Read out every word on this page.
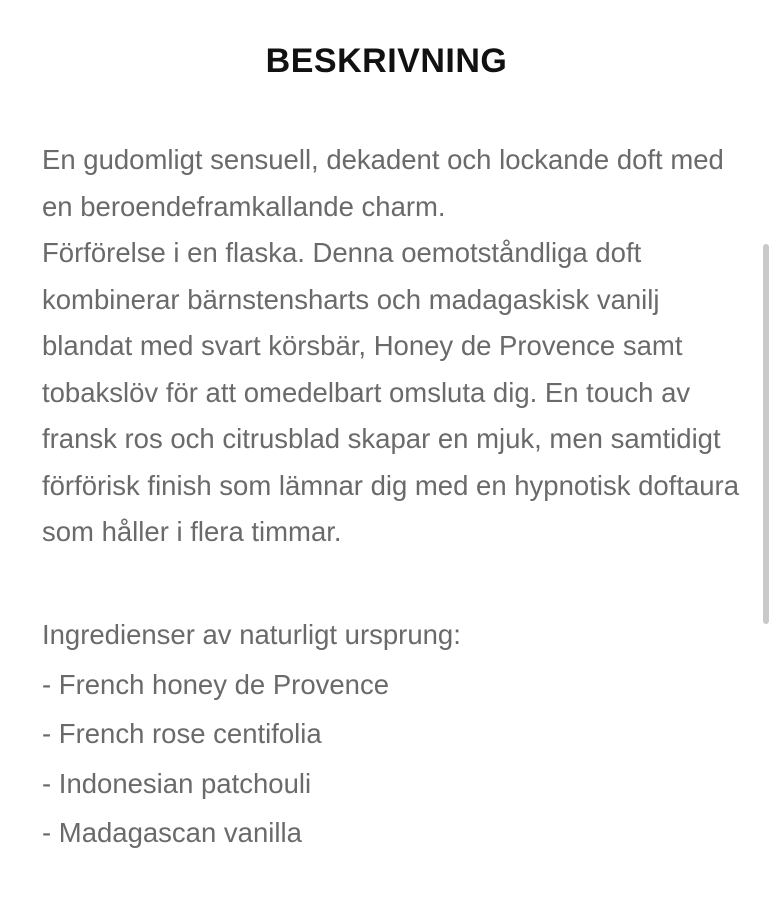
BESKRIVNING

En gudomligt sensuell, dekadent och lockande doft med en beroendeframkallande charm.

Förförelse i en flaska. Denna oemotståndliga doft kombinerar bärnstensharts och madagaskisk vanilj blandat med svart körsbär, Honey de Provence samt tobakslöv för att omedelbart omsluta dig. En touch av fransk ros och citrusblad skapar en mjuk, men samtidigt förförisk finish som lämnar dig med en hypnotisk doftaura som håller i flera timmar.

Ingredienser av naturligt ursprung:

- French honey de Provence
- French rose centifolia
- Indonesian patchouli
- Madagascan vanilla
